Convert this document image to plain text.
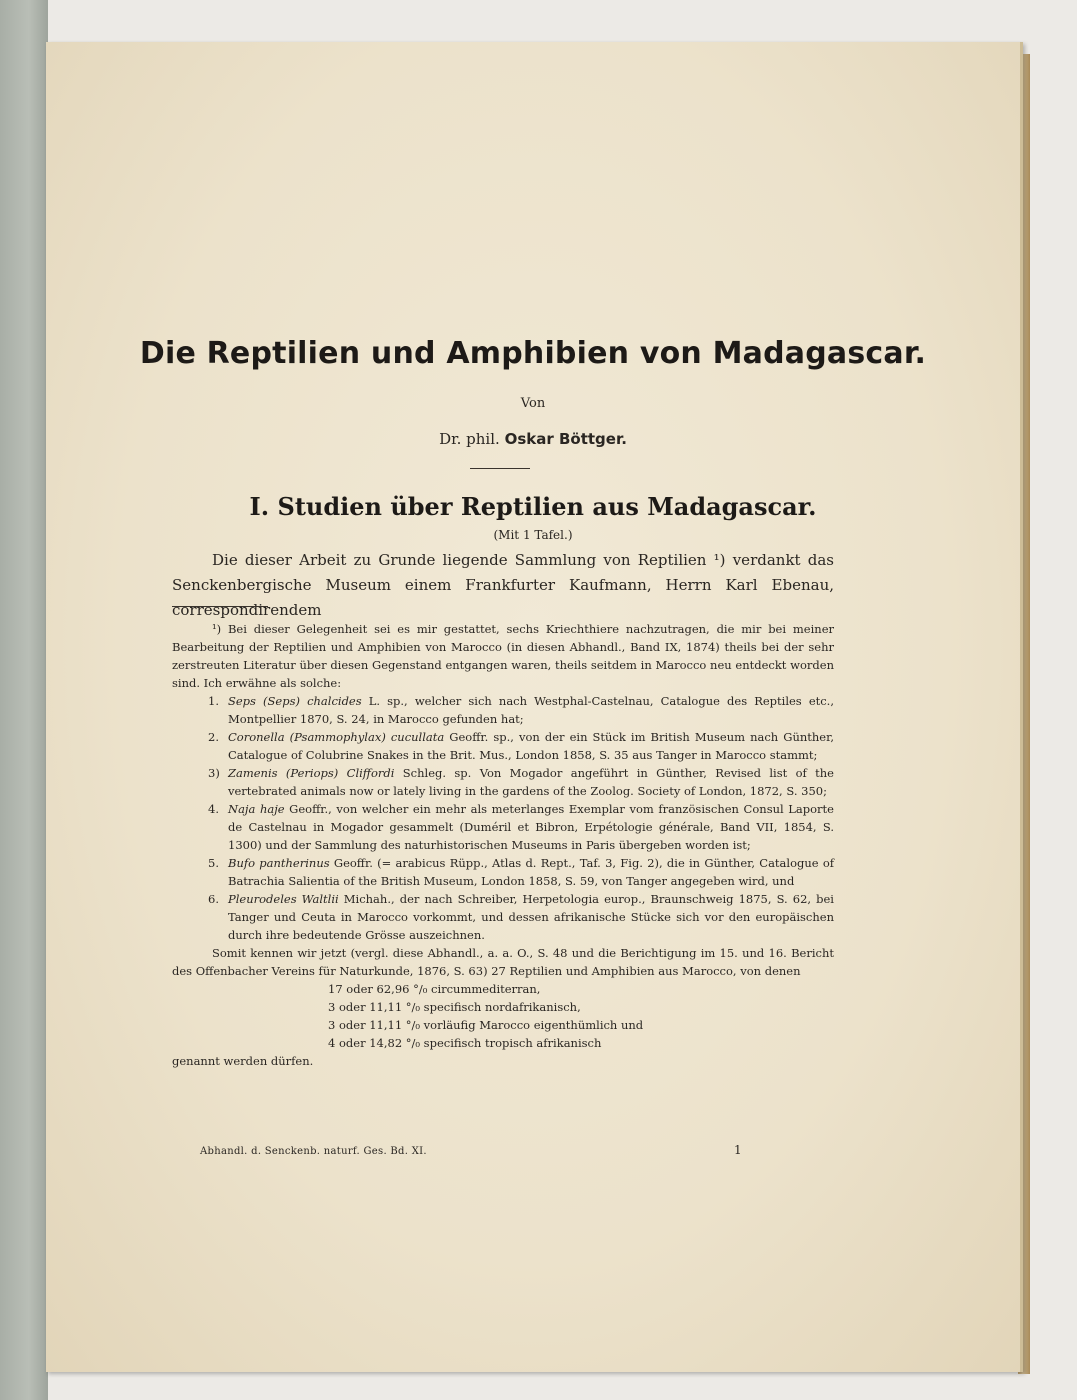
Die Reptilien und Amphibien von Madagascar.
Von
Dr. phil. Oskar Böttger.
I. Studien über Reptilien aus Madagascar.
(Mit 1 Tafel.)
Die dieser Arbeit zu Grunde liegende Sammlung von Reptilien ¹) verdankt das Senckenbergische Museum einem Frankfurter Kaufmann, Herrn Karl Ebenau, correspondirendem

¹) Bei dieser Gelegenheit sei es mir gestattet, sechs Kriechthiere nachzutragen, die mir bei meiner Bearbeitung der Reptilien und Amphibien von Marocco (in diesen Abhandl., Band IX, 1874) theils bei der sehr zerstreuten Literatur über diesen Gegenstand entgangen waren, theils seitdem in Marocco neu entdeckt worden sind. Ich erwähne als solche:

1. Seps (Seps) chalcides L. sp., welcher sich nach Westphal-Castelnau, Catalogue des Reptiles etc., Montpellier 1870, S. 24, in Marocco gefunden hat;
2. Coronella (Psammophylax) cucullata Geoffr. sp., von der ein Stück im British Museum nach Günther, Catalogue of Colubrine Snakes in the Brit. Mus., London 1858, S. 35 aus Tanger in Marocco stammt;
3) Zamenis (Periops) Cliffordi Schleg. sp. Von Mogador angeführt in Günther, Revised list of the vertebrated animals now or lately living in the gardens of the Zoolog. Society of London, 1872, S. 350;
4. Naja haje Geoffr., von welcher ein mehr als meterlanges Exemplar vom französischen Consul Laporte de Castelnau in Mogador gesammelt (Duméril et Bibron, Erpétologie générale, Band VII, 1854, S. 1300) und der Sammlung des naturhistorischen Museums in Paris übergeben worden ist;
5. Bufo pantherinus Geoffr. (= arabicus Rüpp., Atlas d. Rept., Taf. 3, Fig. 2), die in Günther, Catalogue of Batrachia Salientia of the British Museum, London 1858, S. 59, von Tanger angegeben wird, und
6. Pleurodeles Waltlii Michah., der nach Schreiber, Herpetologia europ., Braunschweig 1875, S. 62, bei Tanger und Ceuta in Marocco vorkommt, und dessen afrikanische Stücke sich vor den europäischen durch ihre bedeutende Grösse auszeichnen.

Somit kennen wir jetzt (vergl. diese Abhandl., a. a. O., S. 48 und die Berichtigung im 15. und 16. Bericht des Offenbacher Vereins für Naturkunde, 1876, S. 63) 27 Reptilien und Amphibien aus Marocco, von denen

17 oder 62,96 °/₀ circummediterran,
3 oder 11,11 °/₀ specifisch nordafrikanisch,
3 oder 11,11 °/₀ vorläufig Marocco eigenthümlich und
4 oder 14,82 °/₀ specifisch tropisch afrikanisch

genannt werden dürfen.

Abhandl. d. Senckenb. naturf. Ges. Bd. XI.	1
